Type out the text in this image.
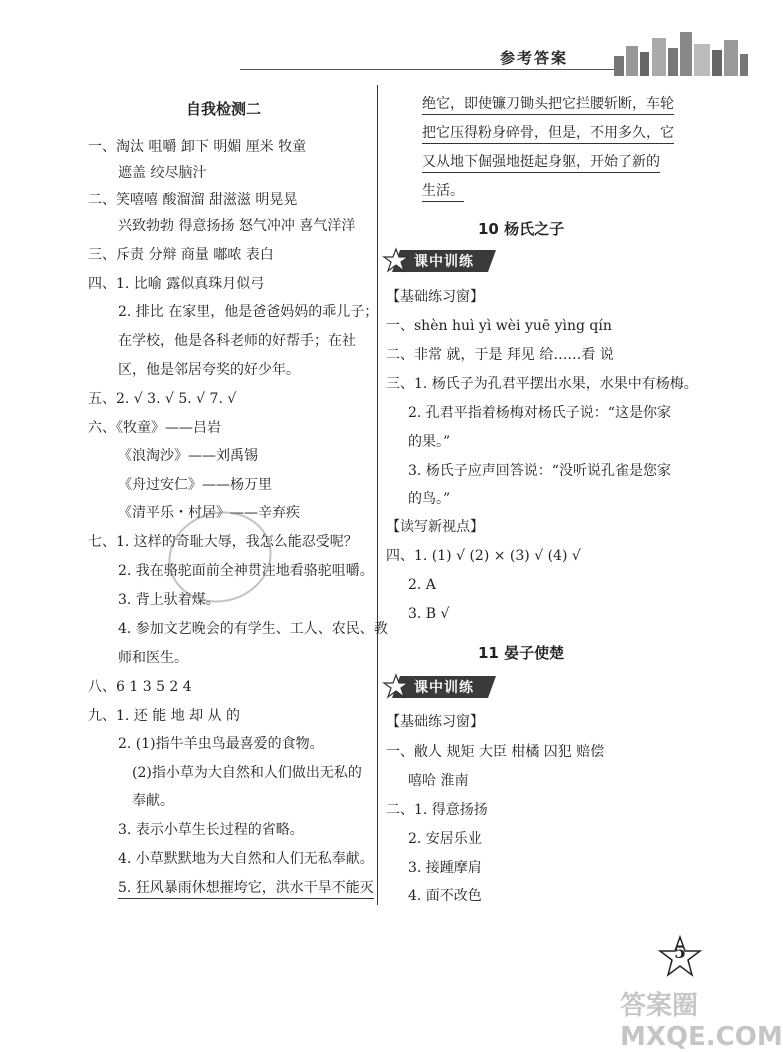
参考答案
自我检测二
一、淘汰 咀嚼 卸下 明媚 厘米 牧童
遮盖 绞尽脑汁
二、笑嘻嘻 酸溜溜 甜滋滋 明晃晃
兴致勃勃 得意扬扬 怒气冲冲 喜气洋洋
三、斥责 分辩 商量 嘟哝 表白
四、1. 比喻 露似真珠月似弓
2. 排比 在家里，他是爸爸妈妈的乖儿子；
在学校，他是各科老师的好帮手；在社
区，他是邻居夸奖的好少年。
五、2. √ 3. √ 5. √ 7. √
六、《牧童》——吕岩
《浪淘沙》——刘禹锡
《舟过安仁》——杨万里
《清平乐・村居》——辛弃疾
七、1. 这样的奇耻大辱，我怎么能忍受呢？
2. 我在骆驼面前全神贯注地看骆驼咀嚼。
3. 背上驮着煤。
4. 参加文艺晚会的有学生、工人、农民、教
师和医生。
八、6 1 3 5 2 4
九、1. 还 能 地 却 从 的
2. (1)指牛羊虫鸟最喜爱的食物。
(2)指小草为大自然和人们做出无私的
奉献。
3. 表示小草生长过程的省略。
4. 小草默默地为大自然和人们无私奉献。
5. 狂风暴雨休想摧垮它，洪水干旱不能灭
绝它，即使镰刀锄头把它拦腰斩断，车轮
把它压得粉身碎骨，但是，不用多久，它
又从地下倔强地挺起身躯，开始了新的
生活。
10 杨氏之子
课中训练
【基础练习窗】
一、shèn huì yì wèi yuē yìng qín
二、非常 就，于是 拜见 给……看 说
三、1. 杨氏子为孔君平摆出水果，水果中有杨梅。
2. 孔君平指着杨梅对杨氏子说：“这是你家
的果。”
3. 杨氏子应声回答说：“没听说孔雀是您家
的鸟。”
【读写新视点】
四、1. (1) √ (2) × (3) √ (4) √
2. A
3. B √
11 晏子使楚
课中训练
【基础练习窗】
一、敝人 规矩 大臣 柑橘 囚犯 赔偿
嘻哈 淮南
二、1. 得意扬扬
2. 安居乐业
3. 接踵摩肩
4. 面不改色
5
答案圈 MXQE.COM
